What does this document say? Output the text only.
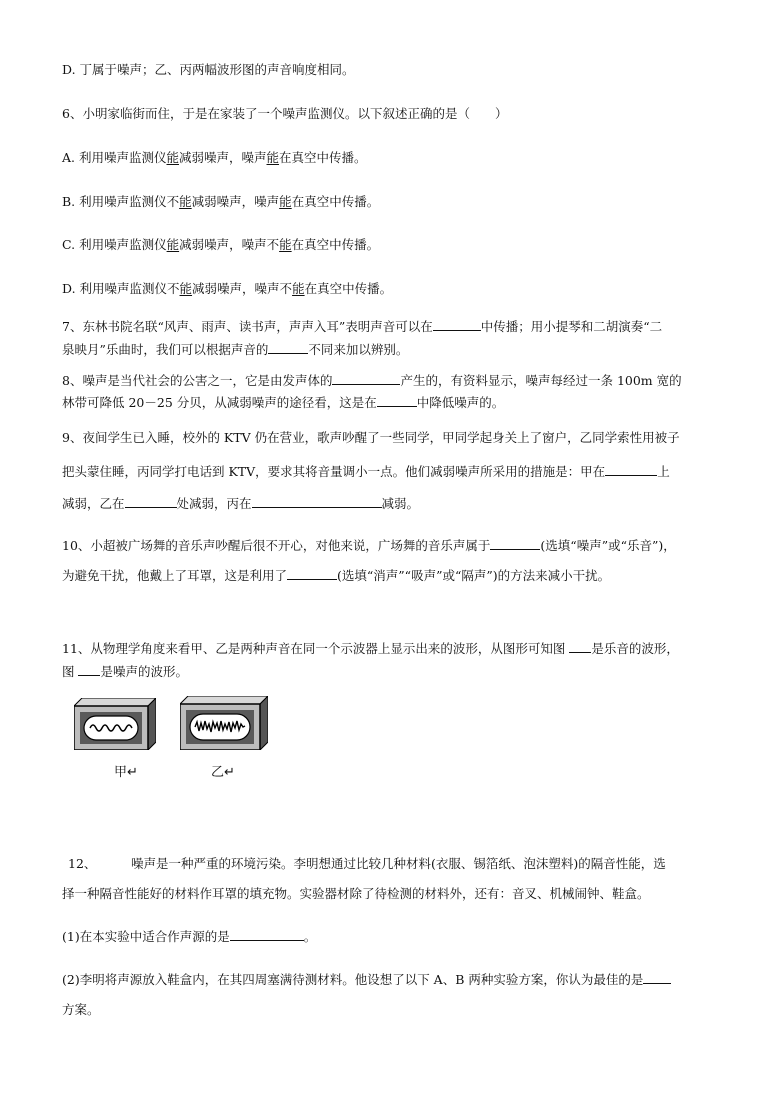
D. 丁属于噪声；乙、丙两幅波形图的声音响度相同。
6、小明家临街而住，于是在家装了一个噪声监测仪。以下叙述正确的是（　　）
A. 利用噪声监测仪能减弱噪声，噪声能在真空中传播。
B. 利用噪声监测仪不能减弱噪声，噪声能在真空中传播。
C. 利用噪声监测仪能减弱噪声，噪声不能在真空中传播。
D. 利用噪声监测仪不能减弱噪声，噪声不能在真空中传播。
7、东林书院名联“风声、雨声、读书声，声声入耳”表明声音可以在	中传播；用小提琴和二胡演奏“二
泉映月”乐曲时，我们可以根据声音的	不同来加以辨别。
8、噪声是当代社会的公害之一，它是由发声体的	产生的，有资料显示，噪声每经过一条 100m 宽的
林带可降低 20－25 分贝，从减弱噪声的途径看，这是在	中降低噪声的。
9、夜间学生已入睡，校外的 KTV 仍在营业，歌声吵醒了一些同学，甲同学起身关上了窗户，乙同学索性用被子
把头蒙住睡，丙同学打电话到 KTV，要求其将音量调小一点。他们减弱噪声所采用的措施是：甲在	上
减弱，乙在	处减弱，丙在	减弱。
10、小超被广场舞的音乐声吵醒后很不开心，对他来说，广场舞的音乐声属于	(选填“噪声”或“乐音”)，
为避免干扰，他戴上了耳罩，这是利用了	(选填“消声”“吸声”或“隔声”)的方法来减小干扰。
11、从物理学角度来看甲、乙是两种声音在同一个示波器上显示出来的波形，从图形可知图 是乐音的波形，
图 是噪声的波形。
甲↵	乙↵
12、	噪声是一种严重的环境污染。李明想通过比较几种材料(衣服、锡箔纸、泡沫塑料)的隔音性能，选
择一种隔音性能好的材料作耳罩的填充物。实验器材除了待检测的材料外，还有：音叉、机械闹钟、鞋盒。
(1)在本实验中适合作声源的是	。
(2)李明将声源放入鞋盒内，在其四周塞满待测材料。他设想了以下 A、B 两种实验方案，你认为最佳的是
方案。
